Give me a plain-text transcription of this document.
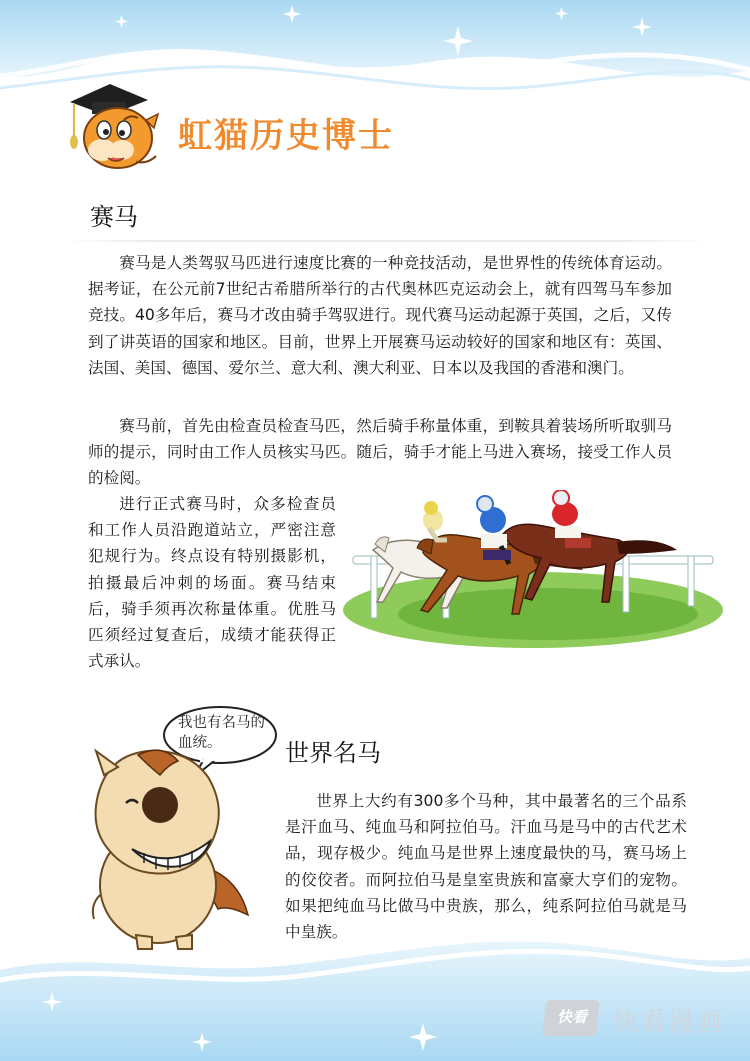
虹猫历史博士
赛马

赛马是人类驾驭马匹进行速度比赛的一种竞技活动，是世界性的传统体育运动。据考证，在公元前7世纪古希腊所举行的古代奥林匹克运动会上，就有四驾马车参加竞技。40多年后，赛马才改由骑手驾驭进行。现代赛马运动起源于英国，之后，又传到了讲英语的国家和地区。目前，世界上开展赛马运动较好的国家和地区有：英国、法国、美国、德国、爱尔兰、意大利、澳大利亚、日本以及我国的香港和澳门。

赛马前，首先由检查员检查马匹，然后骑手称量体重，到鞍具着装场所听取驯马师的提示，同时由工作人员核实马匹。随后，骑手才能上马进入赛场，接受工作人员的检阅。

进行正式赛马时，众多检查员和工作人员沿跑道站立，严密注意犯规行为。终点设有特别摄影机，拍摄最后冲刺的场面。赛马结束后，骑手须再次称量体重。优胜马匹须经过复查后，成绩才能获得正式承认。

我也有名马的血统。	世界名马

世界上大约有300多个马种，其中最著名的三个品系是汗血马、纯血马和阿拉伯马。汗血马是马中的古代艺术品，现存极少。纯血马是世界上速度最快的马，赛马场上的佼佼者。而阿拉伯马是皇室贵族和富豪大亨们的宠物。如果把纯血马比做马中贵族，那么，纯系阿拉伯马就是马中皇族。

快看 快看漫画
